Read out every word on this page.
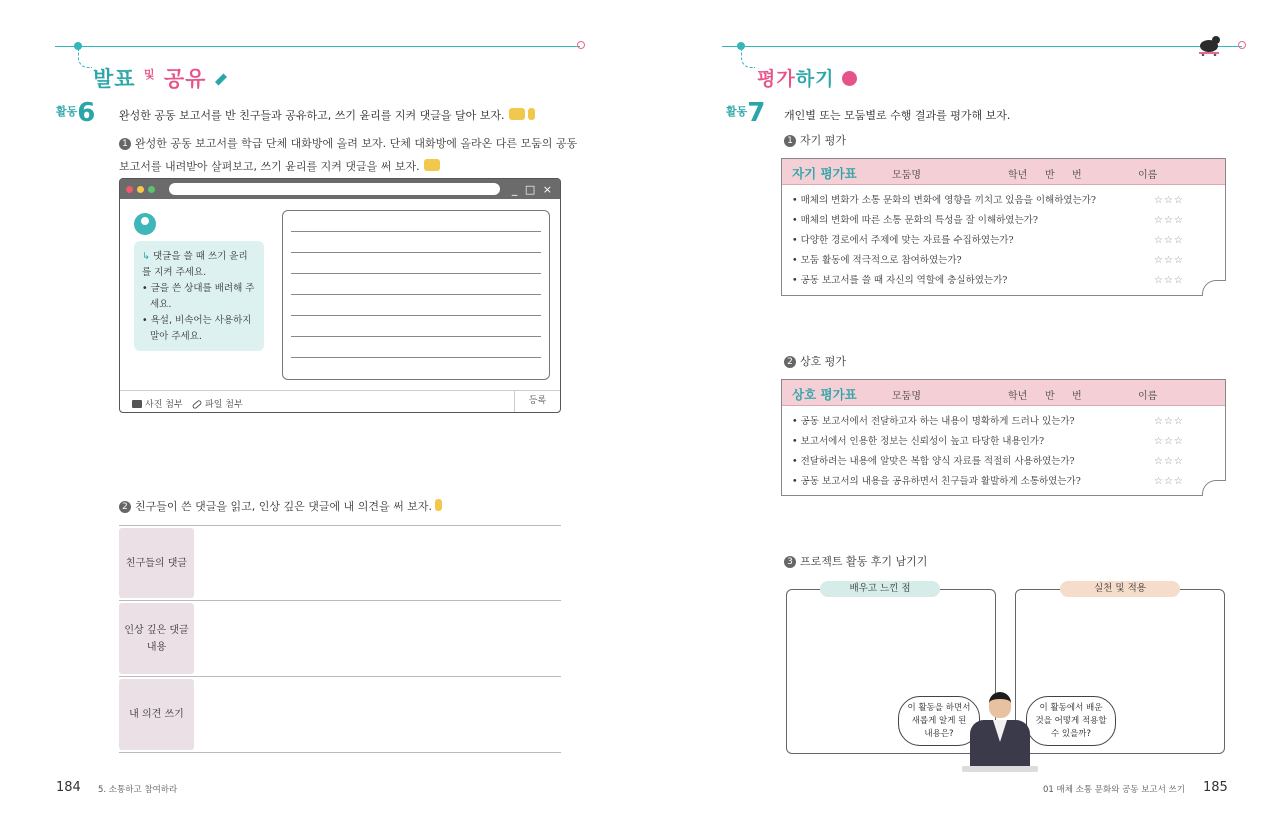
발표 $^및$ 공유
$^{활동}$6 완성한 공동 보고서를 반 친구들과 공유하고, 쓰기 윤리를 지켜 댓글을 달아 보자.
1 완성한 공동 보고서를 학급 단체 대화방에 올려 보자. 단체 대화방에 올라온 다른 모둠의 공동
보고서를 내려받아 살펴보고, 쓰기 윤리를 지켜 댓글을 써 보자.
_ □ ×
↳ 댓글을 쓸 때 쓰기 윤리
를 지켜 주세요.
• 글을 쓴 상대를 배려해 주
세요.
• 욕설, 비속어는 사용하지
말아 주세요.
사진 첨부	파일 첨부	등록
2 친구들이 쓴 댓글을 읽고, 인상 깊은 댓글에 내 의견을 써 보자.
친구들의 댓글
인상 깊은 댓글
내용
내 의견 쓰기
184 5. 소통하고 참여하라
평가하기
$^{활동}$7 개인별 또는 모둠별로 수행 결과를 평가해 보자.
1 자기 평가
자기 평가표	모둠명	학년 반 번	이름
• 매체의 변화가 소통 문화의 변화에 영향을 끼치고 있음을 이해하였는가?	☆☆☆
• 매체의 변화에 따른 소통 문화의 특성을 잘 이해하였는가?	☆☆☆
• 다양한 경로에서 주제에 맞는 자료를 수집하였는가?	☆☆☆
• 모둠 활동에 적극적으로 참여하였는가?	☆☆☆
• 공동 보고서를 쓸 때 자신의 역할에 충실하였는가?	☆☆☆
2 상호 평가
상호 평가표	모둠명	학년 반 번	이름
• 공동 보고서에서 전달하고자 하는 내용이 명확하게 드러나 있는가?	☆☆☆
• 보고서에서 인용한 정보는 신뢰성이 높고 타당한 내용인가?	☆☆☆
• 전달하려는 내용에 알맞은 복합 양식 자료를 적절히 사용하였는가?	☆☆☆
• 공동 보고서의 내용을 공유하면서 친구들과 활발하게 소통하였는가?	☆☆☆
3 프로젝트 활동 후기 남기기
배우고 느낀 점	실천 및 적용
이 활동을 하면서
새롭게 알게 된
내용은?
이 활동에서 배운
것을 어떻게 적용할
수 있을까?
01 매체 소통 문화와 공동 보고서 쓰기 185
